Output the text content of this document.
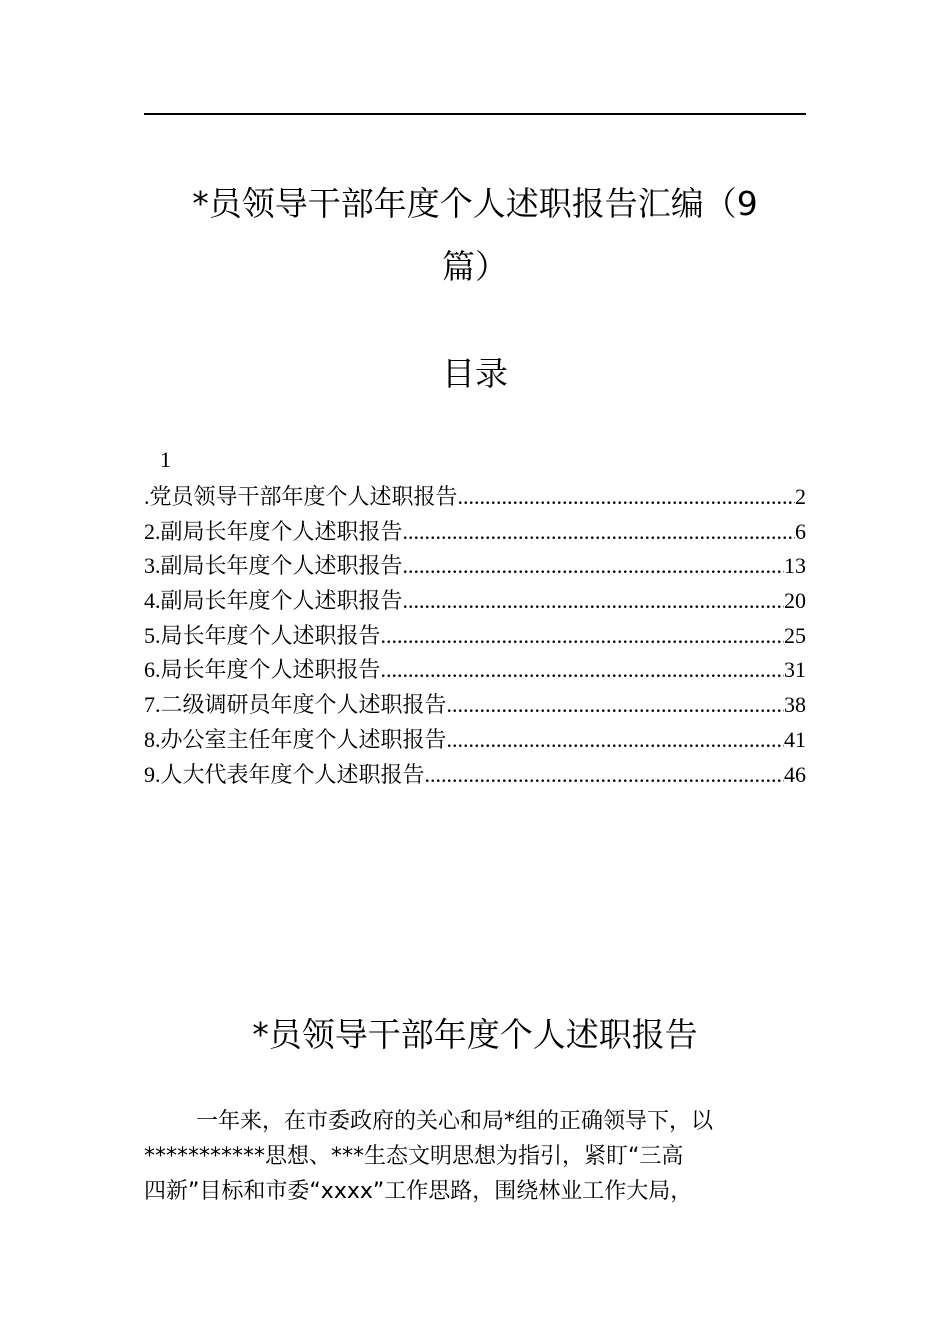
*员领导干部年度个人述职报告汇编（9
篇）
目录
1
.党员领导干部年度个人述职报告 .....	2
2.副局长年度个人述职报告 .....	6
3.副局长年度个人述职报告 .....	13
4.副局长年度个人述职报告 .....	20
5.局长年度个人述职报告 .....	25
6.局长年度个人述职报告 .....	31
7.二级调研员年度个人述职报告 .....	38
8.办公室主任年度个人述职报告 .....	41
9.人大代表年度个人述职报告 .....	46
*员领导干部年度个人述职报告
一年来，在市委政府的关心和局*组的正确领导下，以
***********思想、***生态文明思想为指引，紧盯“三高
四新”目标和市委“xxxx”工作思路，围绕林业工作大局，
